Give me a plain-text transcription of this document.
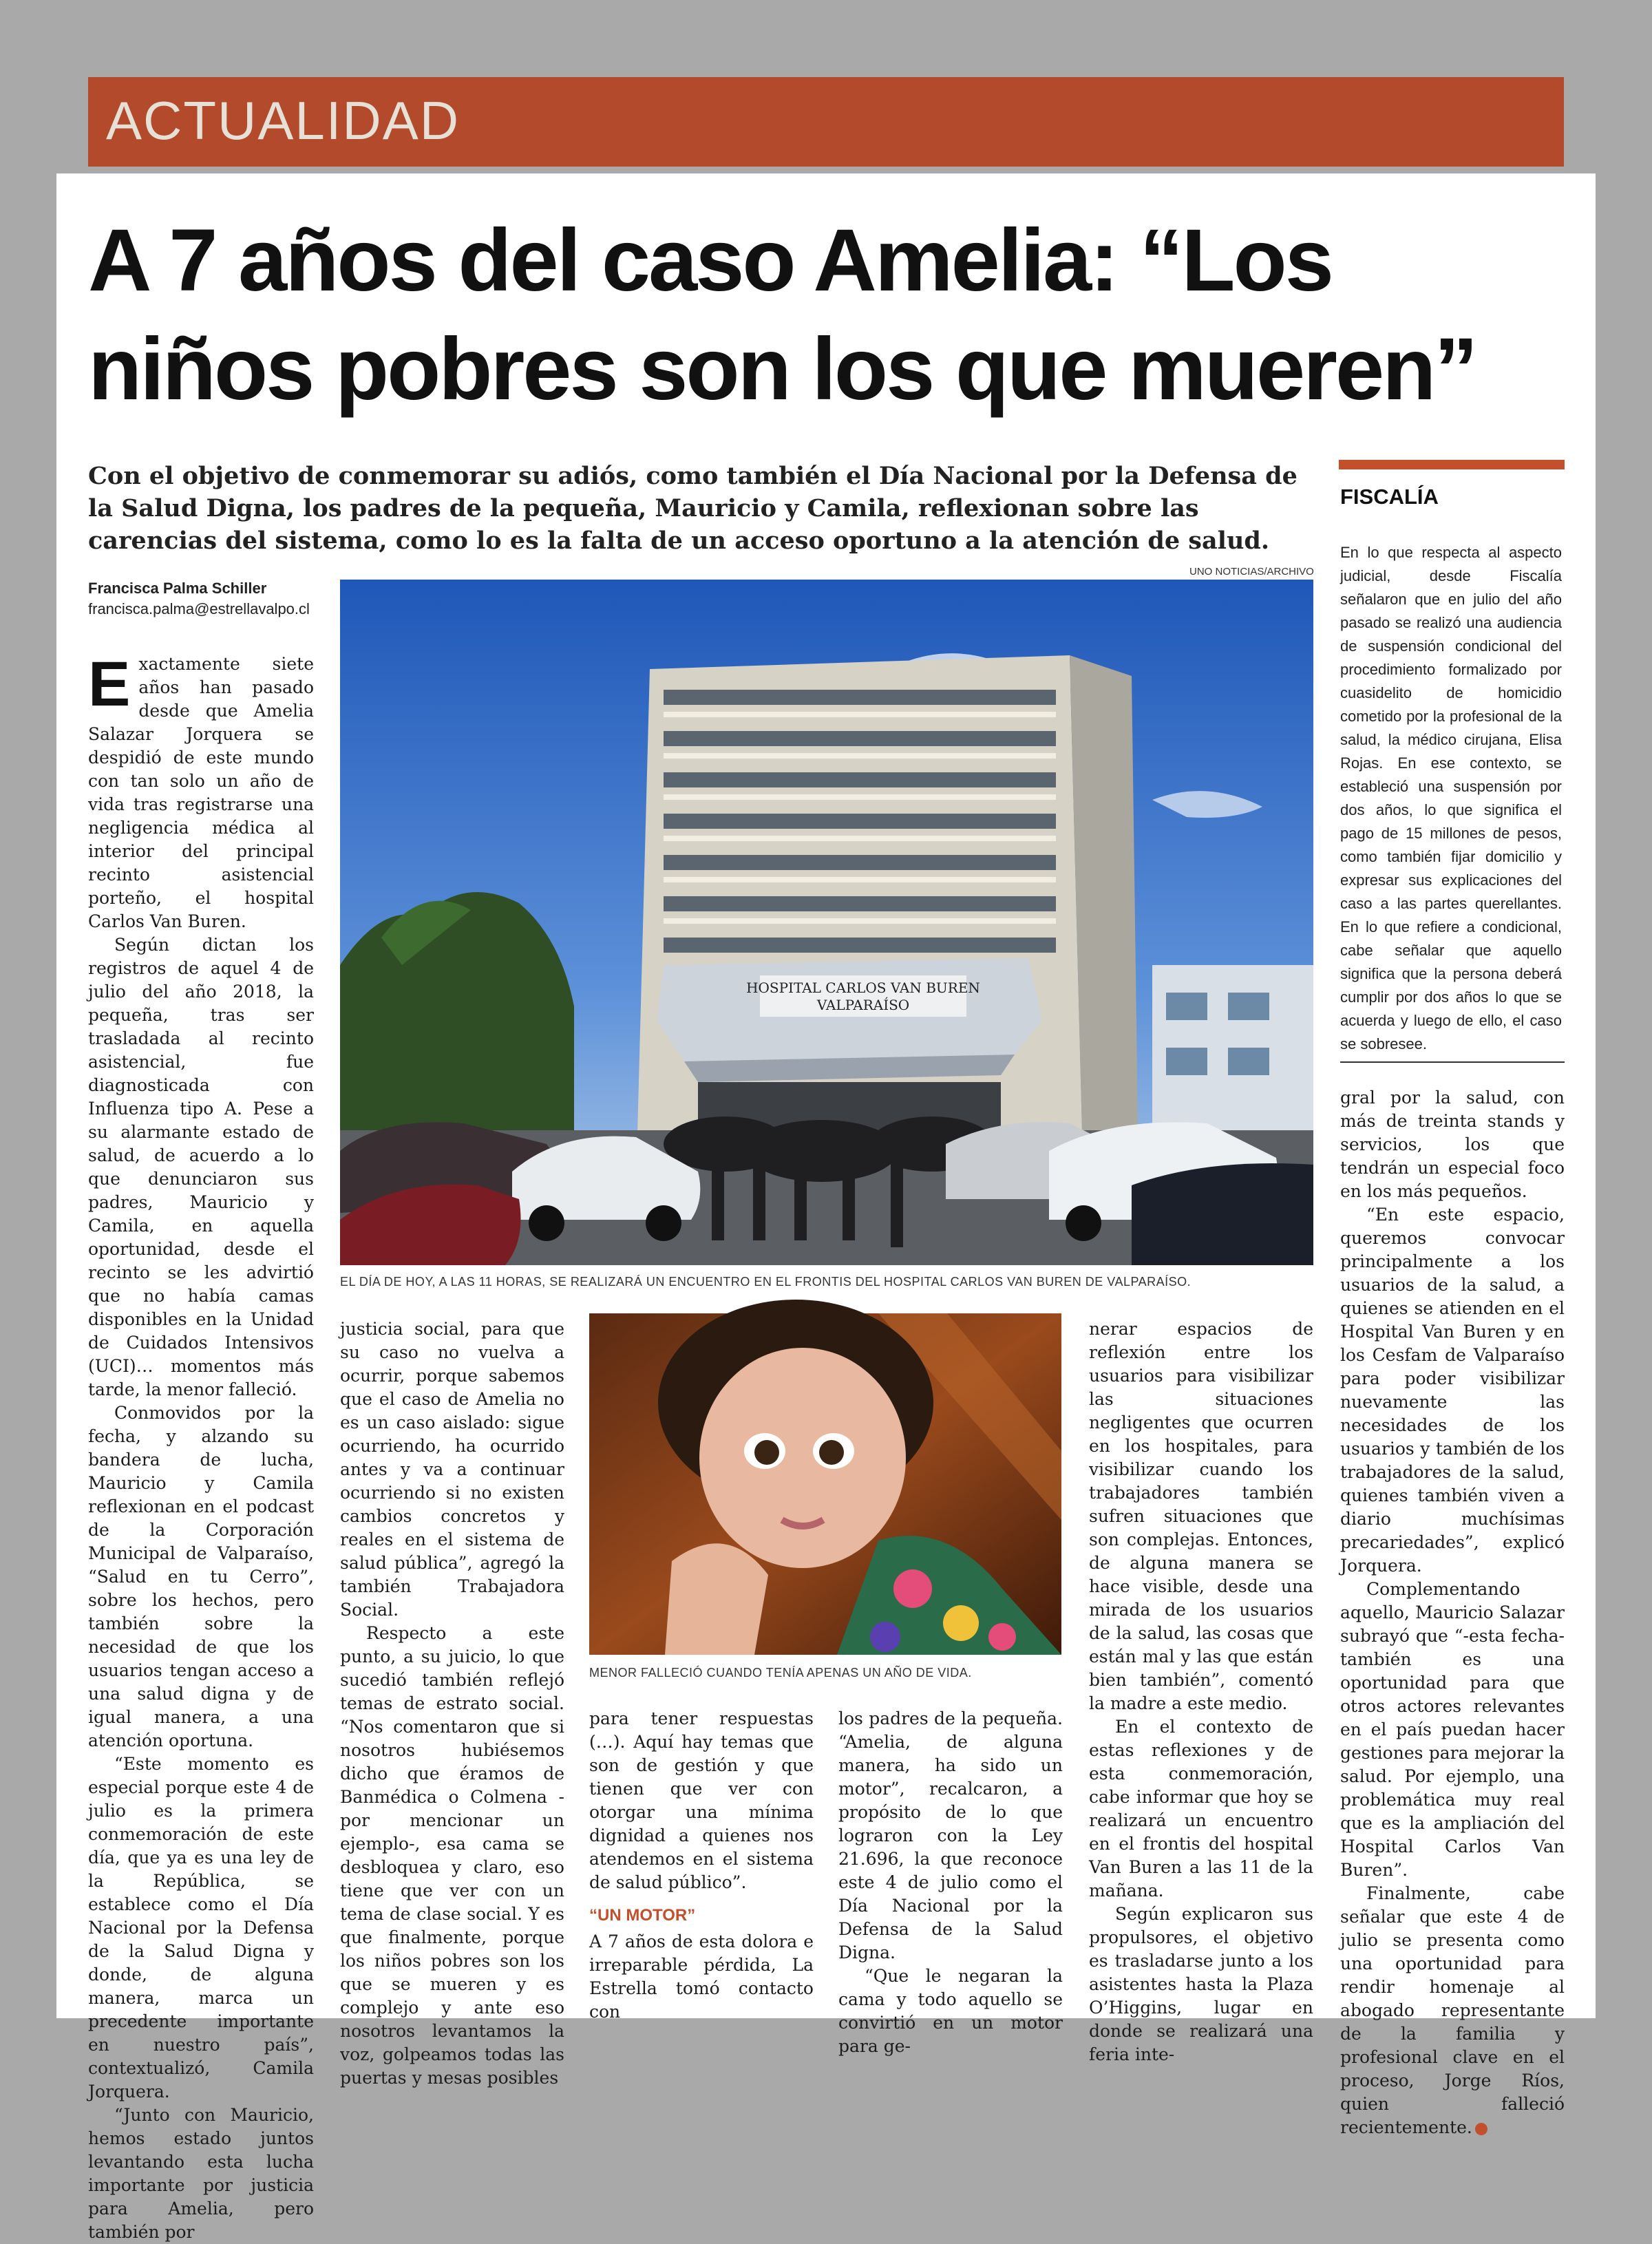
ACTUALIDAD
A 7 años del caso Amelia: “Los niños pobres son los que mueren”

Con el objetivo de conmemorar su adiós, como también el Día Nacional por la Defensa de la Salud Digna, los padres de la pequeña, Mauricio y Camila, reflexionan sobre las carencias del sistema, como lo es la falta de un acceso oportuno a la atención de salud.

FISCALÍA
En lo que respecta al aspecto judicial, desde Fiscalía señalaron que en julio del año pasado se realizó una audiencia de suspensión condicional del procedimiento formalizado por cuasidelito de homicidio cometido por la profesional de la salud, la médico cirujana, Elisa Rojas. En ese contexto, se estableció una suspensión por dos años, lo que significa el pago de 15 millones de pesos, como también fijar domicilio y expresar sus explicaciones del caso a las partes querellantes. En lo que refiere a condicional, cabe señalar que aquello significa que la persona deberá cumplir por dos años lo que se acuerda y luego de ello, el caso se sobresee.
Francisca Palma Schiller
francisca.palma@estrellavalpo.cl
UNO NOTICIAS/ARCHIVO
HOSPITAL CARLOS VAN BUREN
VALPARAÍSO
EL DÍA DE HOY, A LAS 11 HORAS, SE REALIZARÁ UN ENCUENTRO EN EL FRONTIS DEL HOSPITAL CARLOS VAN BUREN DE VALPARAÍSO.
MENOR FALLECIÓ CUANDO TENÍA APENAS UN AÑO DE VIDA.

Exactamente siete años han pasado desde que Amelia Salazar Jorquera se despidió de este mundo con tan solo un año de vida tras registrarse una negligencia médica al interior del principal recinto asistencial porteño, el hospital Carlos Van Buren.

Según dictan los registros de aquel 4 de julio del año 2018, la pequeña, tras ser trasladada al recinto asistencial, fue diagnosticada con Influenza tipo A. Pese a su alarmante estado de salud, de acuerdo a lo que denunciaron sus padres, Mauricio y Camila, en aquella oportunidad, desde el recinto se les advirtió que no había camas disponibles en la Unidad de Cuidados Intensivos (UCI)… momentos más tarde, la menor falleció.

Conmovidos por la fecha, y alzando su bandera de lucha, Mauricio y Camila reflexionan en el podcast de la Corporación Municipal de Valparaíso, “Salud en tu Cerro”, sobre los hechos, pero también sobre la necesidad de que los usuarios tengan acceso a una salud digna y de igual manera, a una atención oportuna.

“Este momento es especial porque este 4 de julio es la primera conmemoración de este día, que ya es una ley de la República, se establece como el Día Nacional por la Defensa de la Salud Digna y donde, de alguna manera, marca un precedente importante en nuestro país”, contextualizó, Camila Jorquera.

“Junto con Mauricio, hemos estado juntos levantando esta lucha importante por justicia para Amelia, pero también por

justicia social, para que su caso no vuelva a ocurrir, porque sabemos que el caso de Amelia no es un caso aislado: sigue ocurriendo, ha ocurrido antes y va a continuar ocurriendo si no existen cambios concretos y reales en el sistema de salud pública”, agregó la también Trabajadora Social.

Respecto a este punto, a su juicio, lo que sucedió también reflejó temas de estrato social. “Nos comentaron que si nosotros hubiésemos dicho que éramos de Banmédica o Colmena -por mencionar un ejemplo-, esa cama se desbloquea y claro, eso tiene que ver con un tema de clase social. Y es que finalmente, porque los niños pobres son los que se mueren y es complejo y ante eso nosotros levantamos la voz, golpeamos todas las puertas y mesas posibles

para tener respuestas (…). Aquí hay temas que son de gestión y que tienen que ver con otorgar una mínima dignidad a quienes nos atendemos en el sistema de salud público”.

“UN MOTOR”

A 7 años de esta dolora e irreparable pérdida, La Estrella tomó contacto con

los padres de la pequeña. “Amelia, de alguna manera, ha sido un motor”, recalcaron, a propósito de lo que lograron con la Ley 21.696, la que reconoce este 4 de julio como el Día Nacional por la Defensa de la Salud Digna.

“Que le negaran la cama y todo aquello se convirtió en un motor para ge-

nerar espacios de reflexión entre los usuarios para visibilizar las situaciones negligentes que ocurren en los hospitales, para visibilizar cuando los trabajadores también sufren situaciones que son complejas. Entonces, de alguna manera se hace visible, desde una mirada de los usuarios de la salud, las cosas que están mal y las que están bien también”, comentó la madre a este medio.

En el contexto de estas reflexiones y de esta conmemoración, cabe informar que hoy se realizará un encuentro en el frontis del hospital Van Buren a las 11 de la mañana.

Según explicaron sus propulsores, el objetivo es trasladarse junto a los asistentes hasta la Plaza O’Higgins, lugar en donde se realizará una feria inte-

gral por la salud, con más de treinta stands y servicios, los que tendrán un especial foco en los más pequeños.

“En este espacio, queremos convocar principalmente a los usuarios de la salud, a quienes se atienden en el Hospital Van Buren y en los Cesfam de Valparaíso para poder visibilizar nuevamente las necesidades de los usuarios y también de los trabajadores de la salud, quienes también viven a diario muchísimas precariedades”, explicó Jorquera.

Complementando aquello, Mauricio Salazar subrayó que “-esta fecha- también es una oportunidad para que otros actores relevantes en el país puedan hacer gestiones para mejorar la salud. Por ejemplo, una problemática muy real que es la ampliación del Hospital Carlos Van Buren”.

Finalmente, cabe señalar que este 4 de julio se presenta como una oportunidad para rendir homenaje al abogado representante de la familia y profesional clave en el proceso, Jorge Ríos, quien falleció recientemente.
